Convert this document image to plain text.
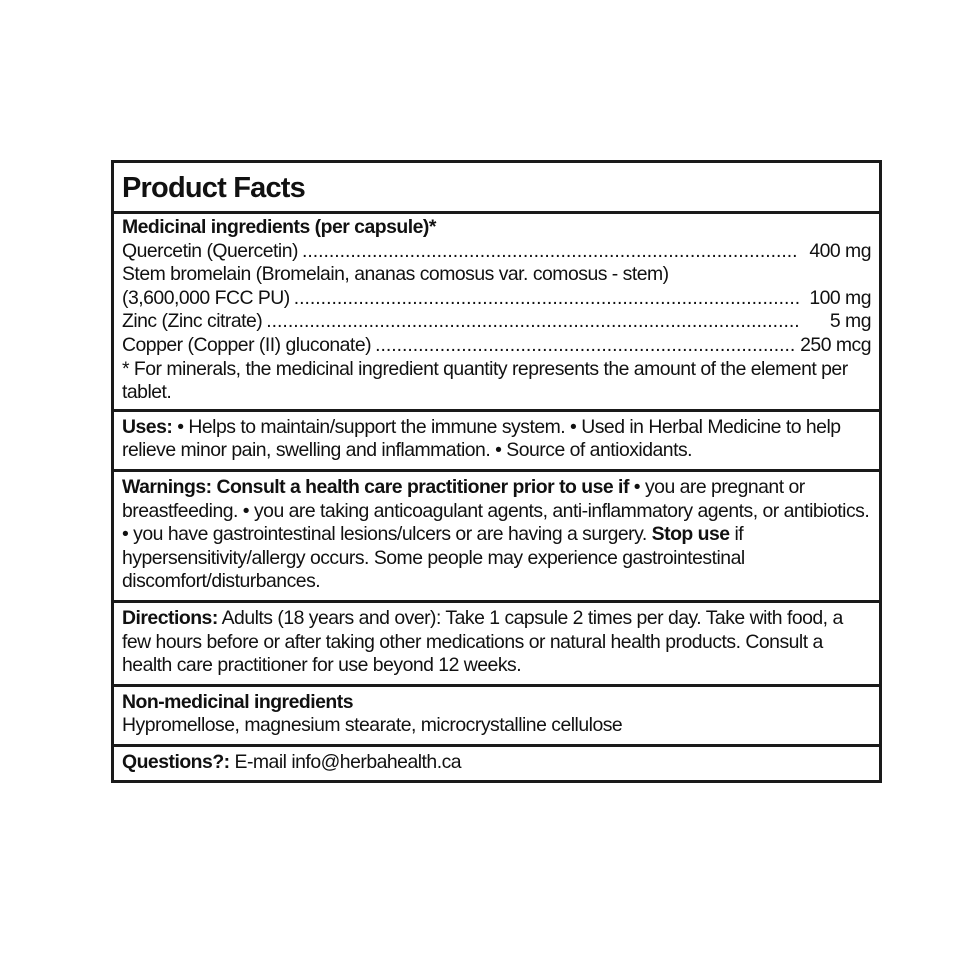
Product Facts
Medicinal ingredients (per capsule)*
Quercetin (Quercetin) .....	400 mg
Stem bromelain (Bromelain, ananas comosus var. comosus - stem)
(3,600,000 FCC PU) .....	100 mg
Zinc (Zinc citrate) .....	5 mg
Copper (Copper (II) gluconate) .....	250 mcg
* For minerals, the medicinal ingredient quantity represents the amount of the element per tablet.
Uses: • Helps to maintain/support the immune system. • Used in Herbal Medicine to help relieve minor pain, swelling and inflammation. • Source of antioxidants.
Warnings: Consult a health care practitioner prior to use if • you are pregnant or breastfeeding. • you are taking anticoagulant agents, anti-inflammatory agents, or antibiotics. • you have gastrointestinal lesions/ulcers or are having a surgery. Stop use if hypersensitivity/allergy occurs. Some people may experience gastrointestinal discomfort/disturbances.
Directions: Adults (18 years and over): Take 1 capsule 2 times per day. Take with food, a few hours before or after taking other medications or natural health products. Consult a health care practitioner for use beyond 12 weeks.
Non-medicinal ingredients
Hypromellose, magnesium stearate, microcrystalline cellulose
Questions?: E-mail info@herbahealth.ca
